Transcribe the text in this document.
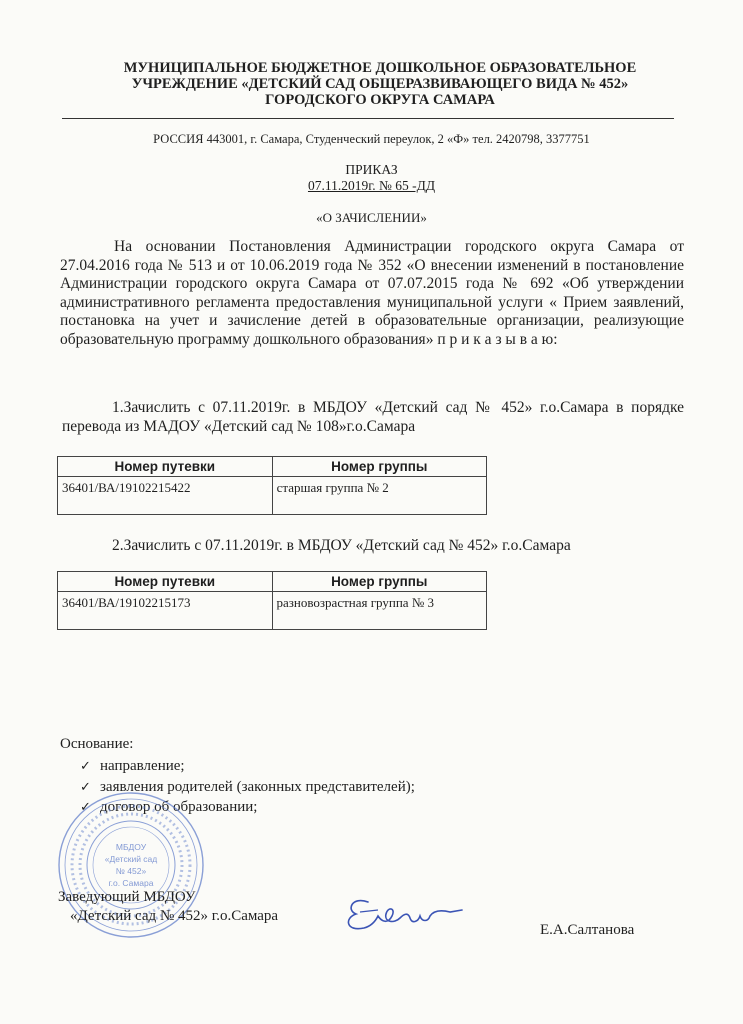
МУНИЦИПАЛЬНОЕ БЮДЖЕТНОЕ ДОШКОЛЬНОЕ ОБРАЗОВАТЕЛЬНОЕ
УЧРЕЖДЕНИЕ «ДЕТСКИЙ САД ОБЩЕРАЗВИВАЮЩЕГО ВИДА № 452»
ГОРОДСКОГО ОКРУГА САМАРА
РОССИЯ 443001, г. Самара, Студенческий переулок, 2 «Ф» тел. 2420798, 3377751
ПРИКАЗ
07.11.2019г. № 65 -ДД
«О ЗАЧИСЛЕНИИ»
На основании Постановления Администрации городского округа Самара от 27.04.2016 года № 513 и от 10.06.2019 года № 352 «О внесении изменений в постановление Администрации городского округа Самара от 07.07.2015 года № 692 «Об утверждении административного регламента предоставления муниципальной услуги « Прием заявлений, постановка на учет и зачисление детей в образовательные организации, реализующие образовательную программу дошкольного образования» п р и к а з ы в а ю:
1.Зачислить с 07.11.2019г. в МБДОУ «Детский сад № 452» г.о.Самара в порядке перевода из МАДОУ «Детский сад № 108»г.о.Самара
Номер путевки	Номер группы
36401/ВА/19102215422	старшая группа № 2
2.Зачислить с 07.11.2019г. в МБДОУ «Детский сад № 452» г.о.Самара
Номер путевки	Номер группы
36401/ВА/19102215173	разновозрастная группа № 3
Основание:
✓ направление;
✓ заявления родителей (законных представителей);
✓ договор об образовании;
МБДОУ
«Детский сад
№ 452»
г.о. Самара
Заведующий МБДОУ
«Детский сад № 452» г.о.Самара
Е.А.Салтанова
